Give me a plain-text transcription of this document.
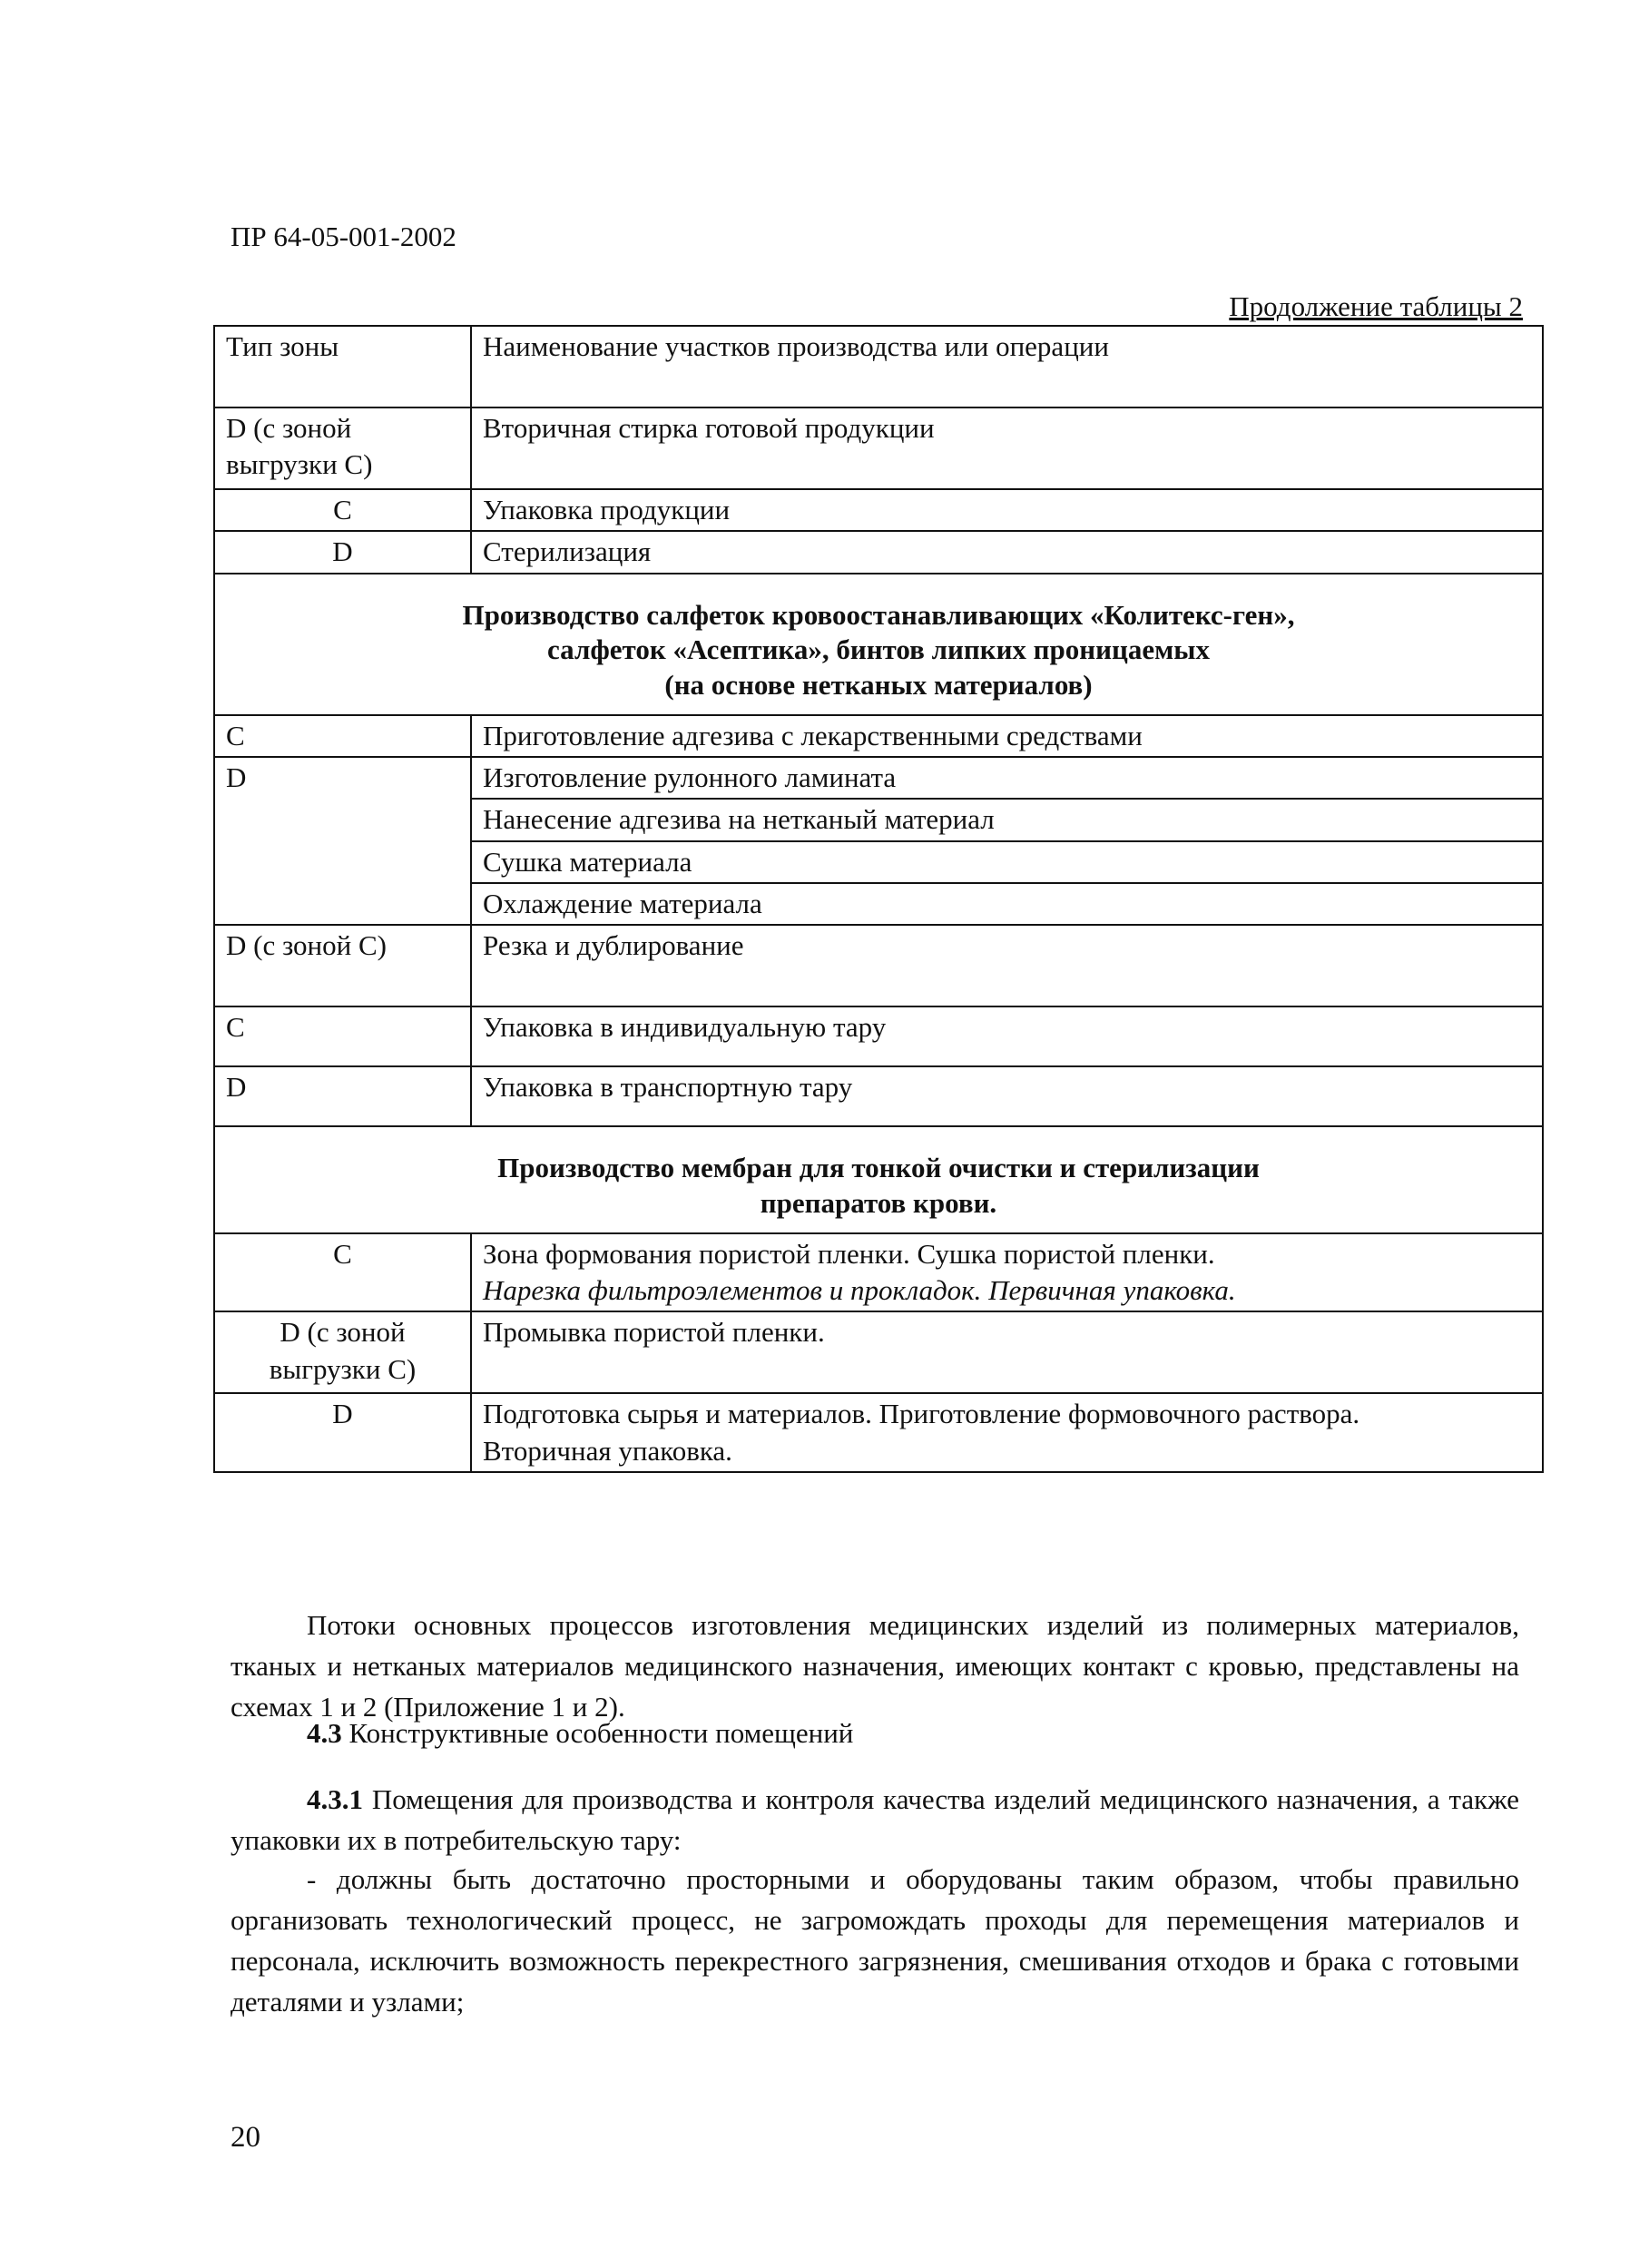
ПР 64-05-001-2002
Продолжение таблицы 2
Тип зоны	Наименование участков производства или операции
D (с зоной выгрузки С)	Вторичная стирка готовой продукции
С	Упаковка продукции
D	Стерилизация

Производство салфеток кровоостанавливающих «Колитекс-ген»,
салфеток «Асептика», бинтов липких проницаемых
(на основе нетканых материалов)	

С	Приготовление адгезива с лекарственными средствами
D	Изготовление рулонного ламината
	Нанесение адгезива на нетканый материал
	Сушка материала
	Охлаждение материала
D (с зоной С)	Резка и дублирование
С	Упаковка в индивидуальную тару
D	Упаковка в транспортную тару

Производство мембран для тонкой очистки и стерилизации
препаратов крови.	

С	Зона формования пористой пленки. Сушка пористой пленки.
Нарезка фильтроэлементов и прокладок. Первичная упаковка.

D (с зоной выгрузки С)	Промывка пористой пленки.

D	Подготовка сырья и материалов. Приготовление формовочного раствора.
Вторичная упаковка.

Потоки основных процессов изготовления медицинских изделий из полимерных материалов, тканых и нетканых материалов медицинского назначения, имеющих контакт с кровью, представлены на схемах 1 и 2 (Приложение 1 и 2).

4.3 Конструктивные особенности помещений

4.3.1 Помещения для производства и контроля качества изделий медицинского назначения, а также упаковки их в потребительскую тару:

- должны быть достаточно просторными и оборудованы таким образом, чтобы правильно организовать технологический процесс, не загромождать проходы для перемещения материалов и персонала, исключить возможность перекрестного загрязнения, смешивания отходов и брака с готовыми деталями и узлами;

20
